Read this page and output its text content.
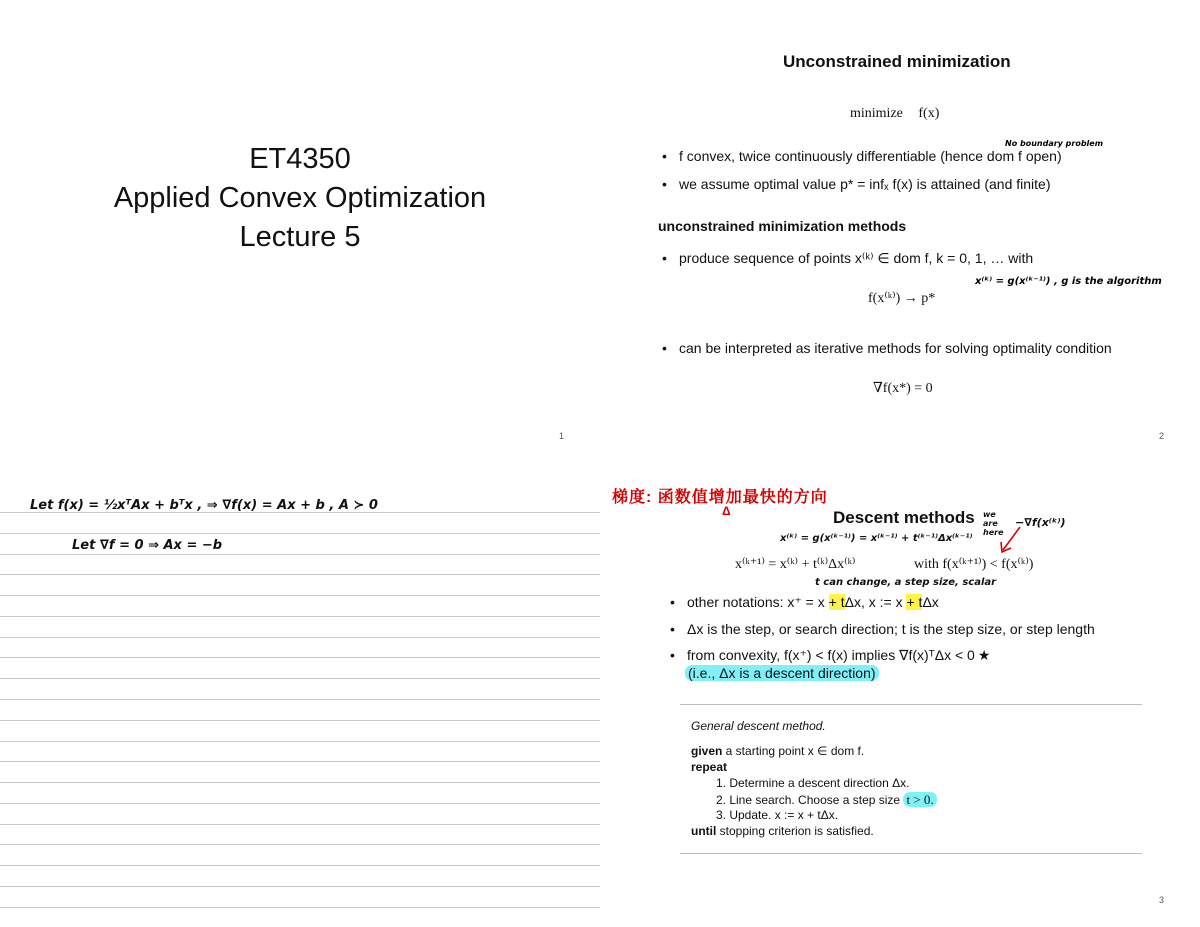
ET4350
Applied Convex Optimization
Lecture 5
1
Unconstrained minimization
minimize f(x)
No boundary problem
• f convex, twice continuously differentiable (hence dom f open)
• we assume optimal value p* = infₓ f(x) is attained (and finite)
unconstrained minimization methods
• produce sequence of points x⁽ᵏ⁾ ∈ dom f, k = 0, 1, … with
x⁽ᵏ⁾ = g(x⁽ᵏ⁻¹⁾) , g is the algorithm
f(x⁽ᵏ⁾) → p*
• can be interpreted as iterative methods for solving optimality condition
∇f(x*) = 0
2
Let f(x) = ½xᵀAx + bᵀx , ⇒ ∇f(x) = Ax + b , A ≻ 0
Let ∇f = 0 ⇒ Ax = −b
梯度: 函数值增加最快的方向
Δ	Descent methods we are here
−∇f(x⁽ᵏ⁾)
x⁽ᵏ⁾ = g(x⁽ᵏ⁻¹⁾) = x⁽ᵏ⁻¹⁾ + t⁽ᵏ⁻¹⁾Δx⁽ᵏ⁻¹⁾
x⁽ᵏ⁺¹⁾ = x⁽ᵏ⁾ + t⁽ᵏ⁾Δx⁽ᵏ⁾	with f(x⁽ᵏ⁺¹⁾) < f(x⁽ᵏ⁾)
t can change, a step size, scalar
• other notations: x⁺ = x + tΔx, x := x + tΔx
• Δx is the step, or search direction; t is the step size, or step length
• from convexity, f(x⁺) < f(x) implies ∇f(x)ᵀΔx < 0 ★
(i.e., Δx is a descent direction)
General descent method.
given a starting point x ∈ dom f.
repeat
1. Determine a descent direction Δx.
2. Line search. Choose a step size t > 0.
3. Update. x := x + tΔx.
until stopping criterion is satisfied.
3
